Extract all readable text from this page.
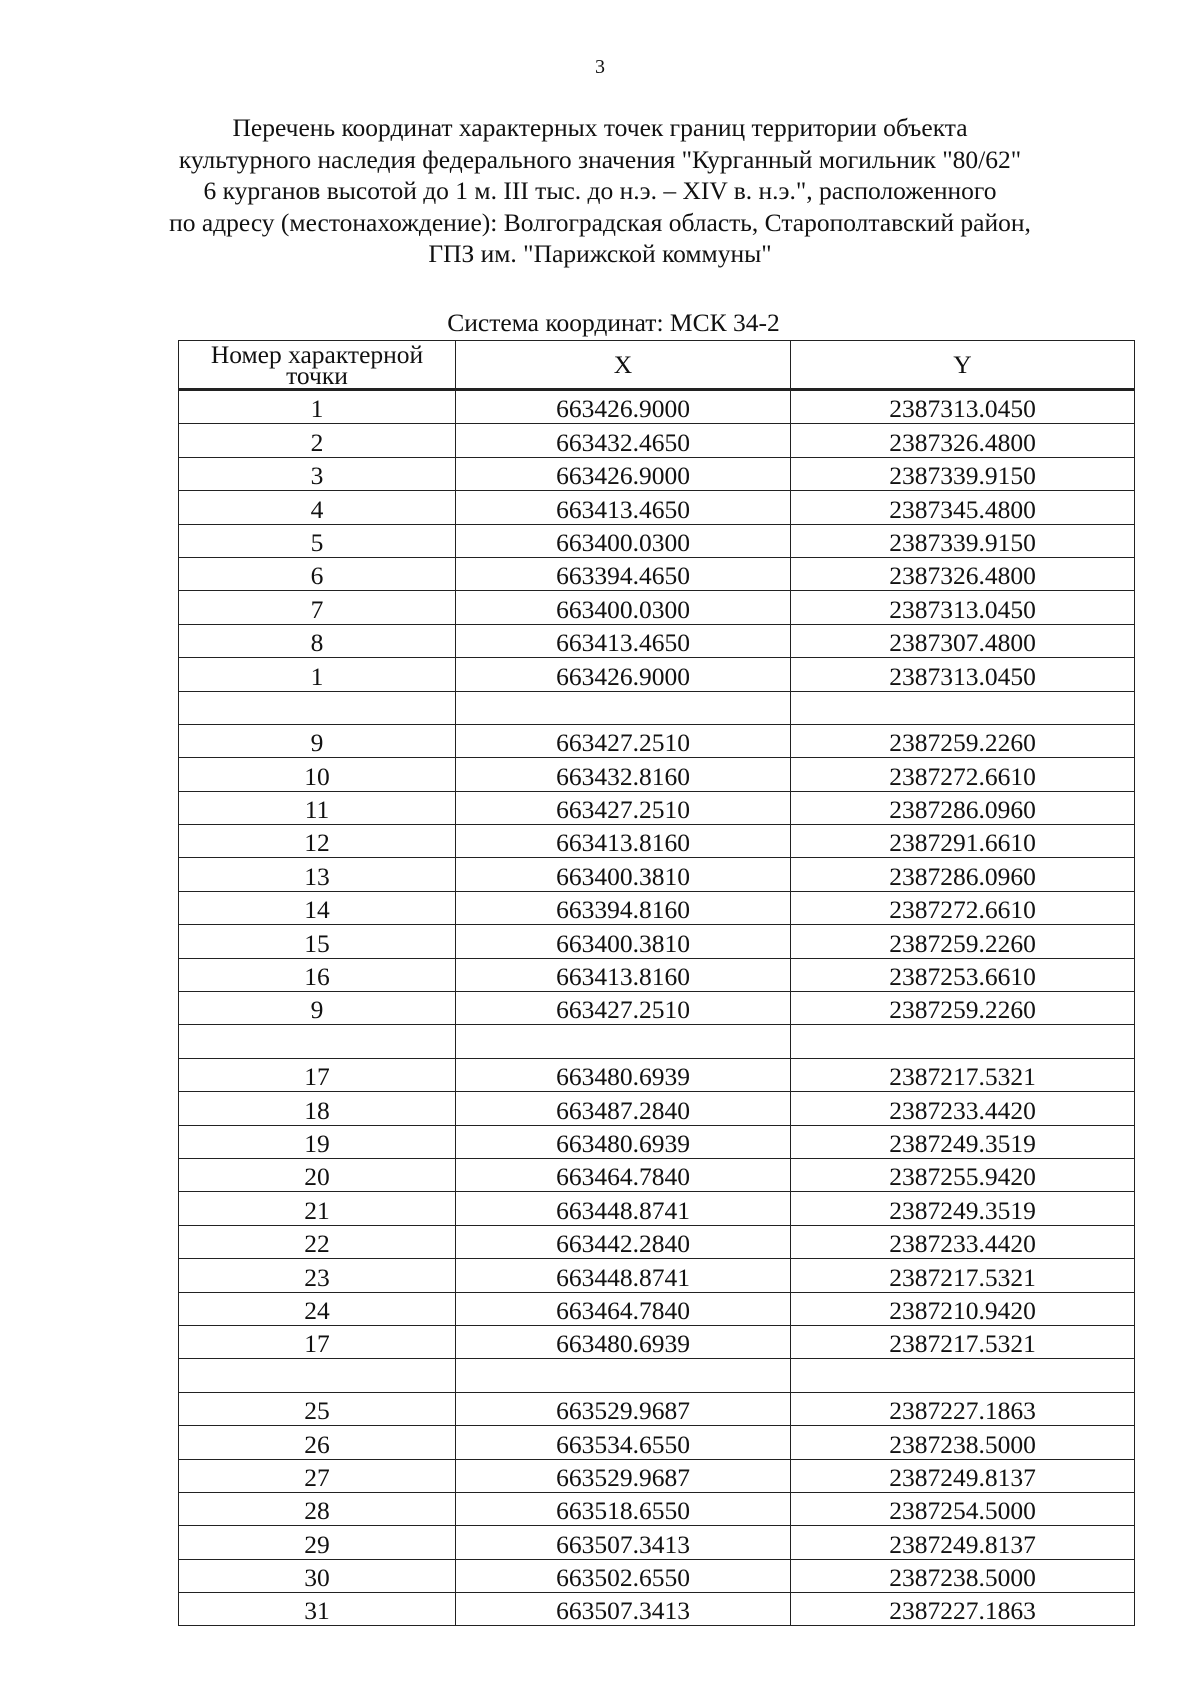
3
Перечень координат характерных точек границ территории объекта
культурного наследия федерального значения "Курганный могильник "80/62"
6 курганов высотой до 1 м. III тыс. до н.э. – XIV в. н.э.", расположенного
по адресу (местонахождение): Волгоградская область, Старополтавский район,
ГПЗ им. "Парижской коммуны"
Система координат: МСК 34-2
Номер характерной
точки	X	Y
1	663426.9000	2387313.0450
2	663432.4650	2387326.4800
3	663426.9000	2387339.9150
4	663413.4650	2387345.4800
5	663400.0300	2387339.9150
6	663394.4650	2387326.4800
7	663400.0300	2387313.0450
8	663413.4650	2387307.4800
1	663426.9000	2387313.0450

9	663427.2510	2387259.2260
10	663432.8160	2387272.6610
11	663427.2510	2387286.0960
12	663413.8160	2387291.6610
13	663400.3810	2387286.0960
14	663394.8160	2387272.6610
15	663400.3810	2387259.2260
16	663413.8160	2387253.6610
9	663427.2510	2387259.2260

17	663480.6939	2387217.5321
18	663487.2840	2387233.4420
19	663480.6939	2387249.3519
20	663464.7840	2387255.9420
21	663448.8741	2387249.3519
22	663442.2840	2387233.4420
23	663448.8741	2387217.5321
24	663464.7840	2387210.9420
17	663480.6939	2387217.5321

25	663529.9687	2387227.1863
26	663534.6550	2387238.5000
27	663529.9687	2387249.8137
28	663518.6550	2387254.5000
29	663507.3413	2387249.8137
30	663502.6550	2387238.5000
31	663507.3413	2387227.1863
